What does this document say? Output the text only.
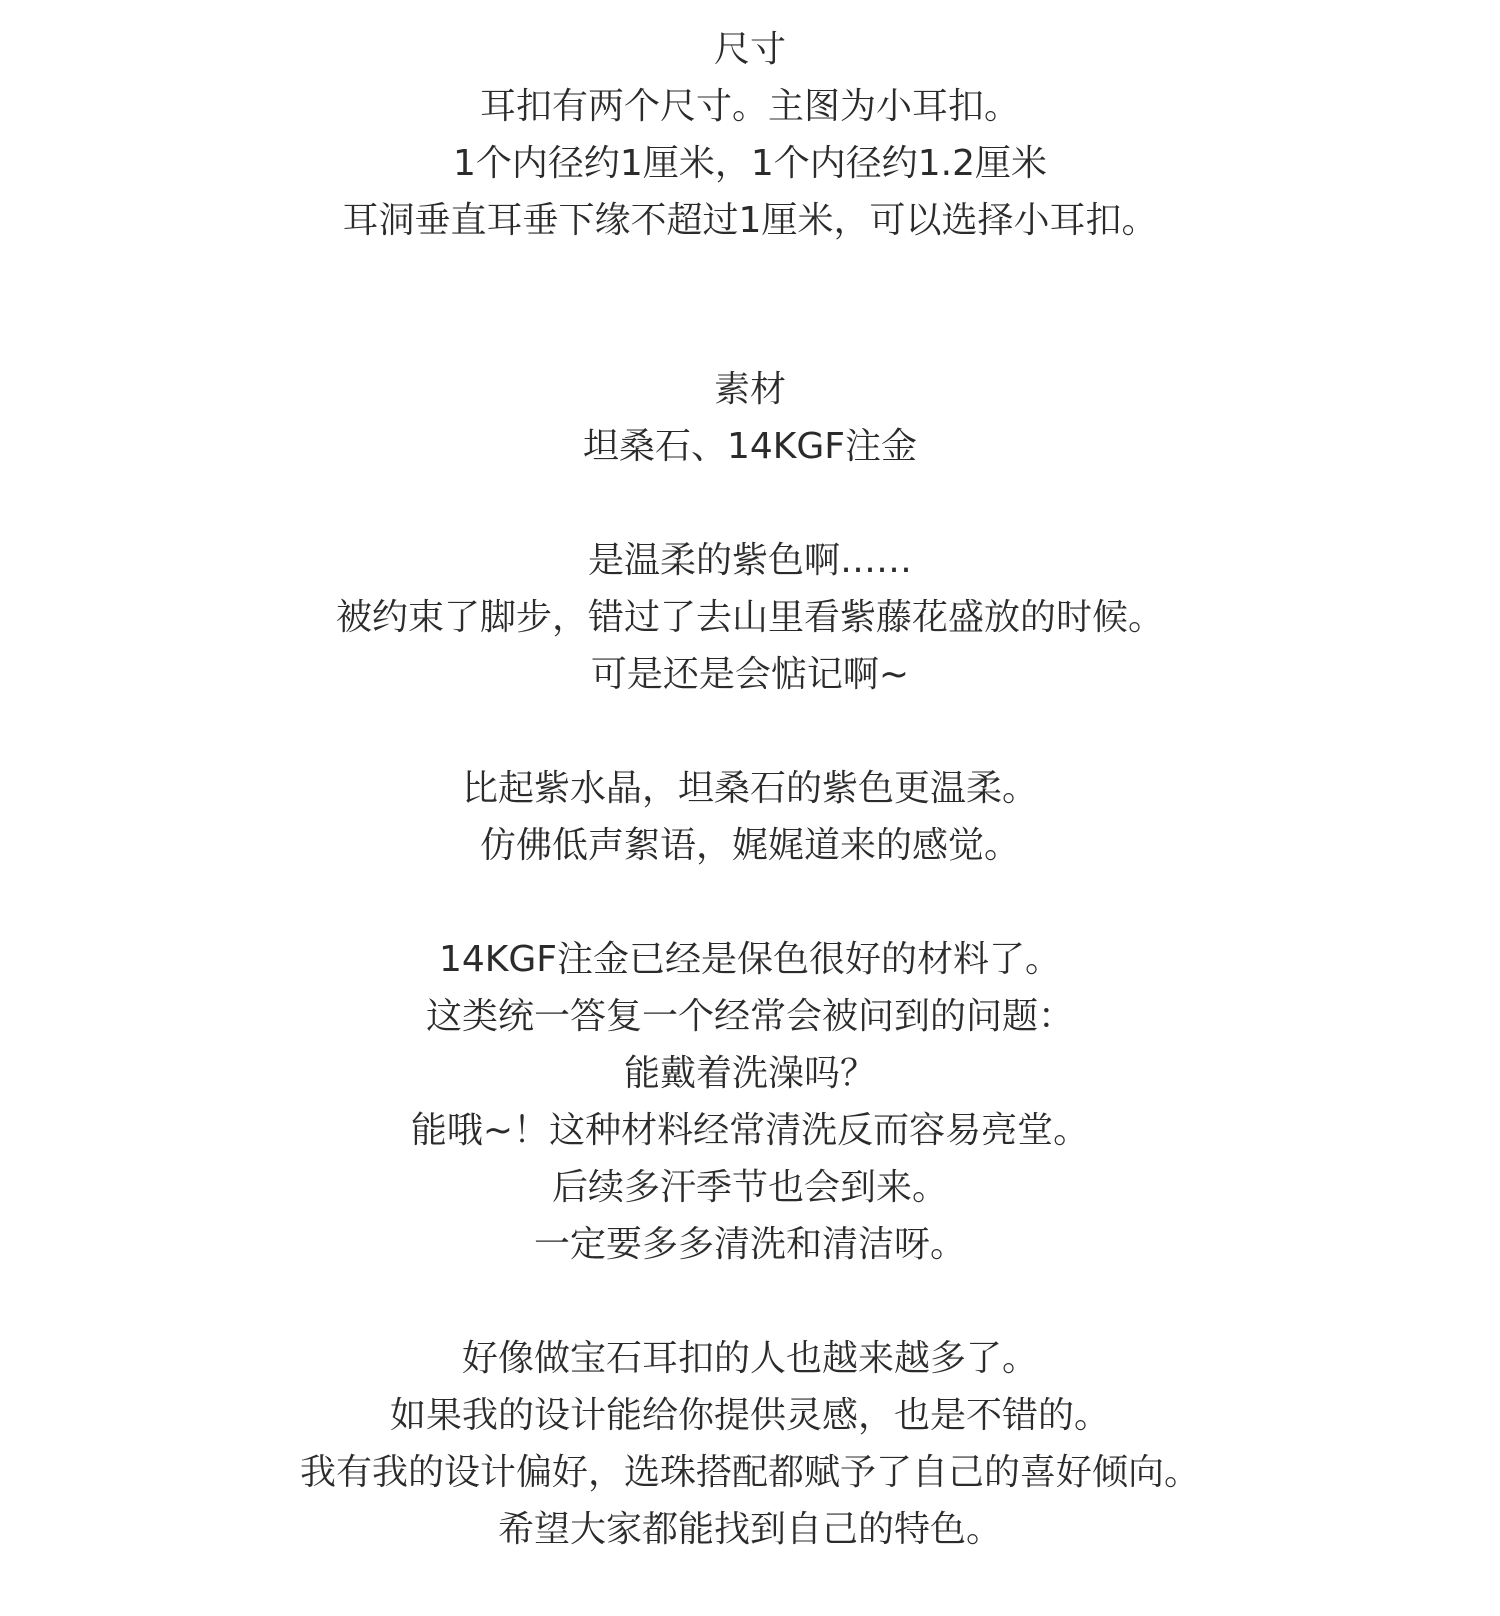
尺寸
耳扣有两个尺寸。主图为小耳扣。
1个内径约1厘米，1个内径约1.2厘米
耳洞垂直耳垂下缘不超过1厘米，可以选择小耳扣。
素材
坦桑石、14KGF注金
是温柔的紫色啊……
被约束了脚步，错过了去山里看紫藤花盛放的时候。
可是还是会惦记啊~
比起紫水晶，坦桑石的紫色更温柔。
仿佛低声絮语，娓娓道来的感觉。
14KGF注金已经是保色很好的材料了。
这类统一答复一个经常会被问到的问题：
能戴着洗澡吗？
能哦~！这种材料经常清洗反而容易亮堂。
后续多汗季节也会到来。
一定要多多清洗和清洁呀。
好像做宝石耳扣的人也越来越多了。
如果我的设计能给你提供灵感，也是不错的。
我有我的设计偏好，选珠搭配都赋予了自己的喜好倾向。
希望大家都能找到自己的特色。
